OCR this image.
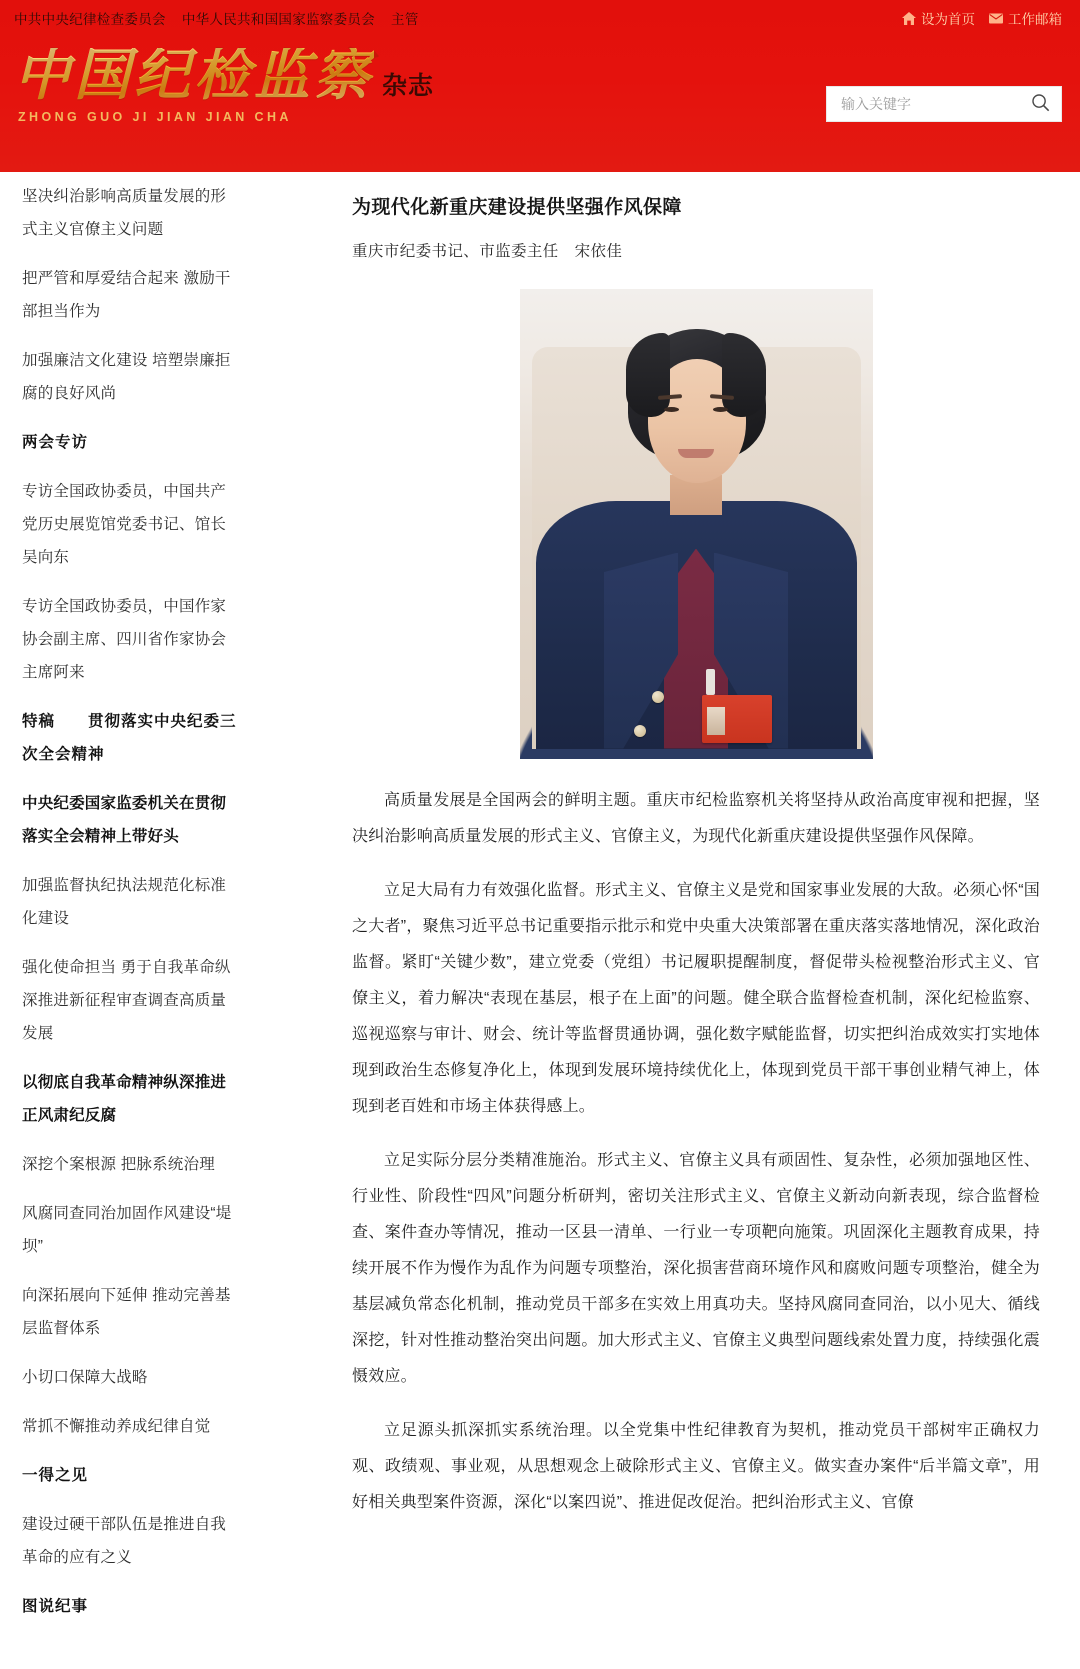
中共中央纪律检查委员会 中华人民共和国国家监察委员会 主管	设为首页 工作邮箱
中国纪检监察 杂志
ZHONG GUO JI JIAN JIAN CHA
输入关键字
坚决纠治影响高质量发展的形式主义官僚主义问题
把严管和厚爱结合起来 激励干部担当作为
加强廉洁文化建设 培塑崇廉拒腐的良好风尚
两会专访
专访全国政协委员，中国共产党历史展览馆党委书记、馆长吴向东
专访全国政协委员，中国作家协会副主席、四川省作家协会主席阿来
特稿　　贯彻落实中央纪委三次全会精神
中央纪委国家监委机关在贯彻落实全会精神上带好头
加强监督执纪执法规范化标准化建设
强化使命担当 勇于自我革命纵深推进新征程审查调查高质量发展
以彻底自我革命精神纵深推进正风肃纪反腐
深挖个案根源 把脉系统治理
风腐同查同治加固作风建设“堤坝”
向深拓展向下延伸 推动完善基层监督体系
小切口保障大战略
常抓不懈推动养成纪律自觉
一得之见
建设过硬干部队伍是推进自我革命的应有之义
图说纪事
为现代化新重庆建设提供坚强作风保障
重庆市纪委书记、市监委主任　宋依佳

高质量发展是全国两会的鲜明主题。重庆市纪检监察机关将坚持从政治高度审视和把握，坚决纠治影响高质量发展的形式主义、官僚主义，为现代化新重庆建设提供坚强作风保障。

立足大局有力有效强化监督。形式主义、官僚主义是党和国家事业发展的大敌。必须心怀“国之大者”，聚焦习近平总书记重要指示批示和党中央重大决策部署在重庆落实落地情况，深化政治监督。紧盯“关键少数”，建立党委（党组）书记履职提醒制度，督促带头检视整治形式主义、官僚主义，着力解决“表现在基层，根子在上面”的问题。健全联合监督检查机制，深化纪检监察、巡视巡察与审计、财会、统计等监督贯通协调，强化数字赋能监督，切实把纠治成效实打实地体现到政治生态修复净化上，体现到发展环境持续优化上，体现到党员干部干事创业精气神上，体现到老百姓和市场主体获得感上。

立足实际分层分类精准施治。形式主义、官僚主义具有顽固性、复杂性，必须加强地区性、行业性、阶段性“四风”问题分析研判，密切关注形式主义、官僚主义新动向新表现，综合监督检查、案件查办等情况，推动一区县一清单、一行业一专项靶向施策。巩固深化主题教育成果，持续开展不作为慢作为乱作为问题专项整治，深化损害营商环境作风和腐败问题专项整治，健全为基层减负常态化机制，推动党员干部多在实效上用真功夫。坚持风腐同查同治，以小见大、循线深挖，针对性推动整治突出问题。加大形式主义、官僚主义典型问题线索处置力度，持续强化震慑效应。

立足源头抓深抓实系统治理。以全党集中性纪律教育为契机，推动党员干部树牢正确权力观、政绩观、事业观，从思想观念上破除形式主义、官僚主义。做实查办案件“后半篇文章”，用好相关典型案件资源，深化“以案四说”、推进促改促治。把纠治形式主义、官僚
